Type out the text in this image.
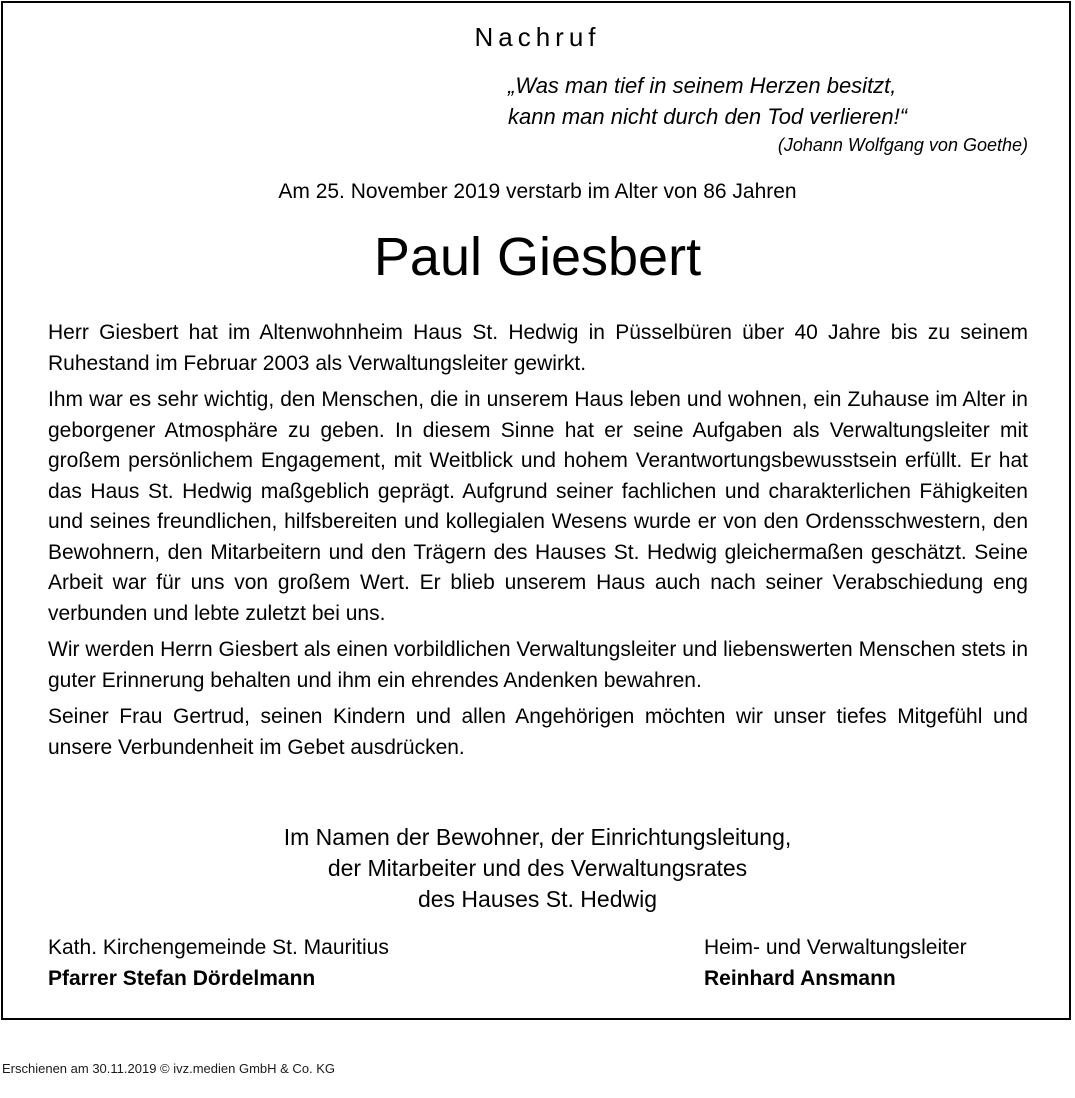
Nachruf
„Was man tief in seinem Herzen besitzt,
kann man nicht durch den Tod verlieren!“
(Johann Wolfgang von Goethe)
Am 25. November 2019 verstarb im Alter von 86 Jahren
Paul Giesbert

Herr Giesbert hat im Altenwohnheim Haus St. Hedwig in Püsselbüren über 40 Jahre bis zu seinem Ruhestand im Februar 2003 als Verwaltungsleiter gewirkt.

Ihm war es sehr wichtig, den Menschen, die in unserem Haus leben und wohnen, ein Zuhause im Alter in geborgener Atmosphäre zu geben. In diesem Sinne hat er seine Aufgaben als Verwaltungsleiter mit großem persönlichem Engagement, mit Weitblick und hohem Verantwortungsbewusstsein erfüllt. Er hat das Haus St. Hedwig maßgeblich geprägt. Aufgrund seiner fachlichen und charakterlichen Fähigkeiten und seines freundlichen, hilfsbereiten und kollegialen Wesens wurde er von den Ordensschwestern, den Bewohnern, den Mitarbeitern und den Trägern des Hauses St. Hedwig gleichermaßen geschätzt. Seine Arbeit war für uns von großem Wert. Er blieb unserem Haus auch nach seiner Verabschiedung eng verbunden und lebte zuletzt bei uns.

Wir werden Herrn Giesbert als einen vorbildlichen Verwaltungsleiter und liebenswerten Menschen stets in guter Erinnerung behalten und ihm ein ehrendes Andenken bewahren.

Seiner Frau Gertrud, seinen Kindern und allen Angehörigen möchten wir unser tiefes Mitgefühl und unsere Verbundenheit im Gebet ausdrücken.

Im Namen der Bewohner, der Einrichtungsleitung,
der Mitarbeiter und des Verwaltungsrates
des Hauses St. Hedwig
Kath. Kirchengemeinde St. Mauritius
Pfarrer Stefan Dördelmann
Heim- und Verwaltungsleiter
Reinhard Ansmann
Erschienen am 30.11.2019 © ivz.medien GmbH & Co. KG
